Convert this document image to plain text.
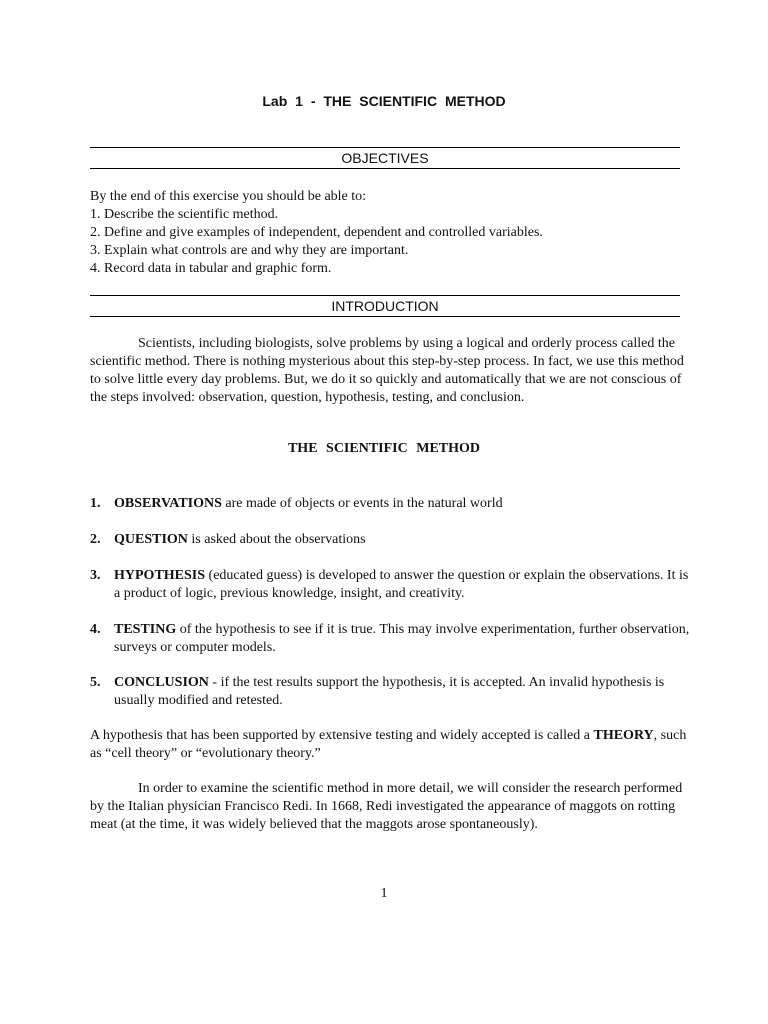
Lab 1 - THE SCIENTIFIC METHOD
OBJECTIVES
By the end of this exercise you should be able to:
1. Describe the scientific method.
2. Define and give examples of independent, dependent and controlled variables.
3. Explain what controls are and why they are important.
4. Record data in tabular and graphic form.
INTRODUCTION

Scientists, including biologists, solve problems by using a logical and orderly process called the scientific method. There is nothing mysterious about this step-by-step process. In fact, we use this method to solve little every day problems. But, we do it so quickly and automatically that we are not conscious of the steps involved: observation, question, hypothesis, testing, and conclusion.

THE SCIENTIFIC METHOD
1. OBSERVATIONS are made of objects or events in the natural world
2. QUESTION is asked about the observations
3. HYPOTHESIS (educated guess) is developed to answer the question or explain the observations. It is a product of logic, previous knowledge, insight, and creativity.
4. TESTING of the hypothesis to see if it is true. This may involve experimentation, further observation, surveys or computer models.
5. CONCLUSION - if the test results support the hypothesis, it is accepted. An invalid hypothesis is usually modified and retested.
A hypothesis that has been supported by extensive testing and widely accepted is called a THEORY, such as “cell theory” or “evolutionary theory.”

In order to examine the scientific method in more detail, we will consider the research performed by the Italian physician Francisco Redi. In 1668, Redi investigated the appearance of maggots on rotting meat (at the time, it was widely believed that the maggots arose spontaneously).

1
